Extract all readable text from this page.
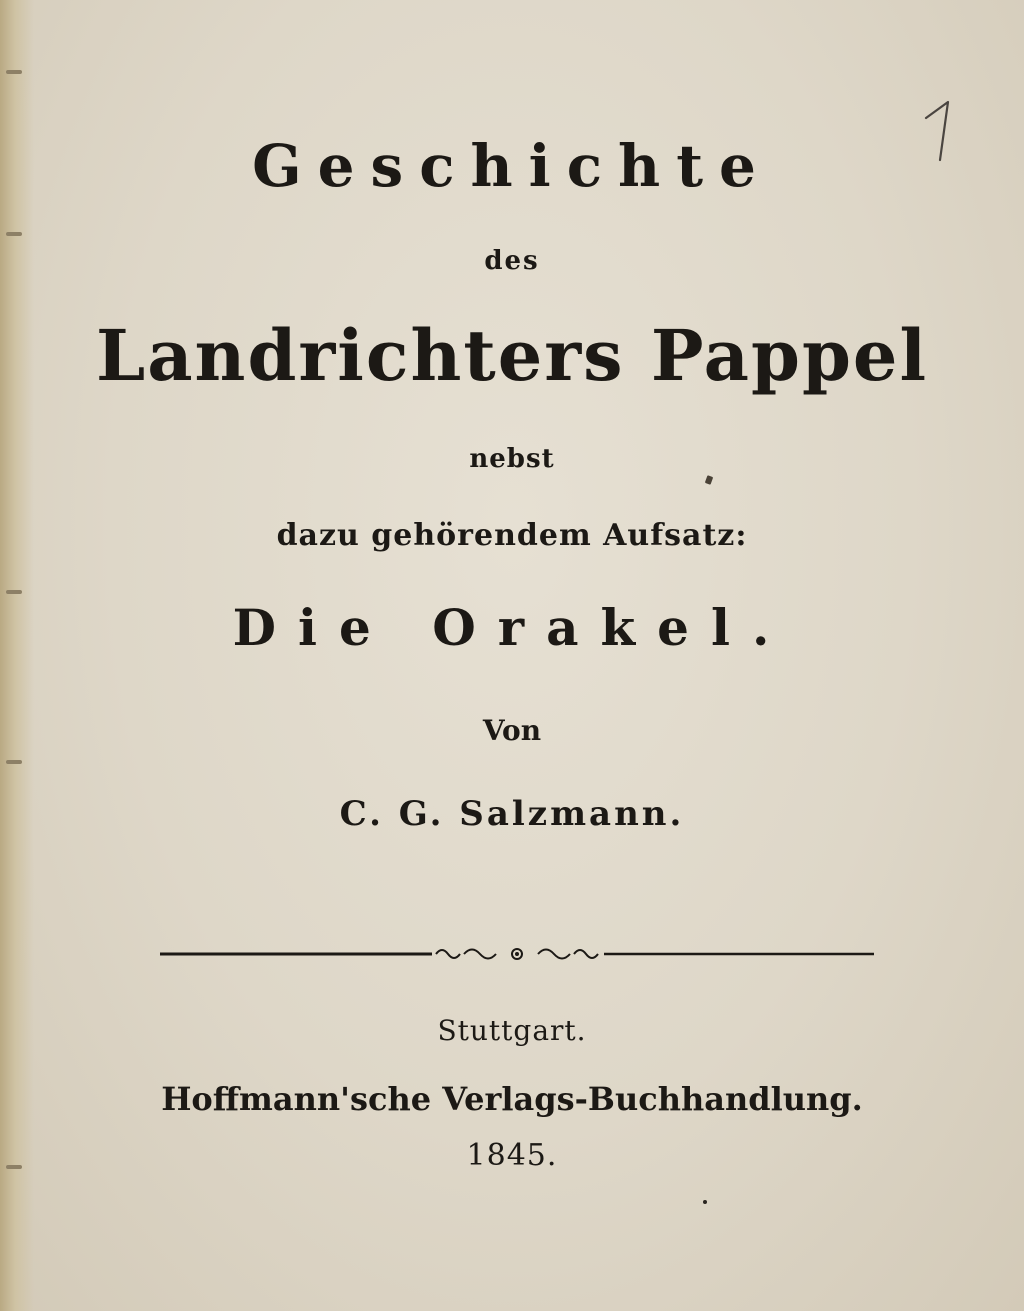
Geschichte
des
Landrichters Pappel
nebst
dazu gehörendem Aufsatz:
Die Orakel.
Von
C. G. Salzmann.
Stuttgart.
Hoffmann'sche Verlags-Buchhandlung.
1845.
